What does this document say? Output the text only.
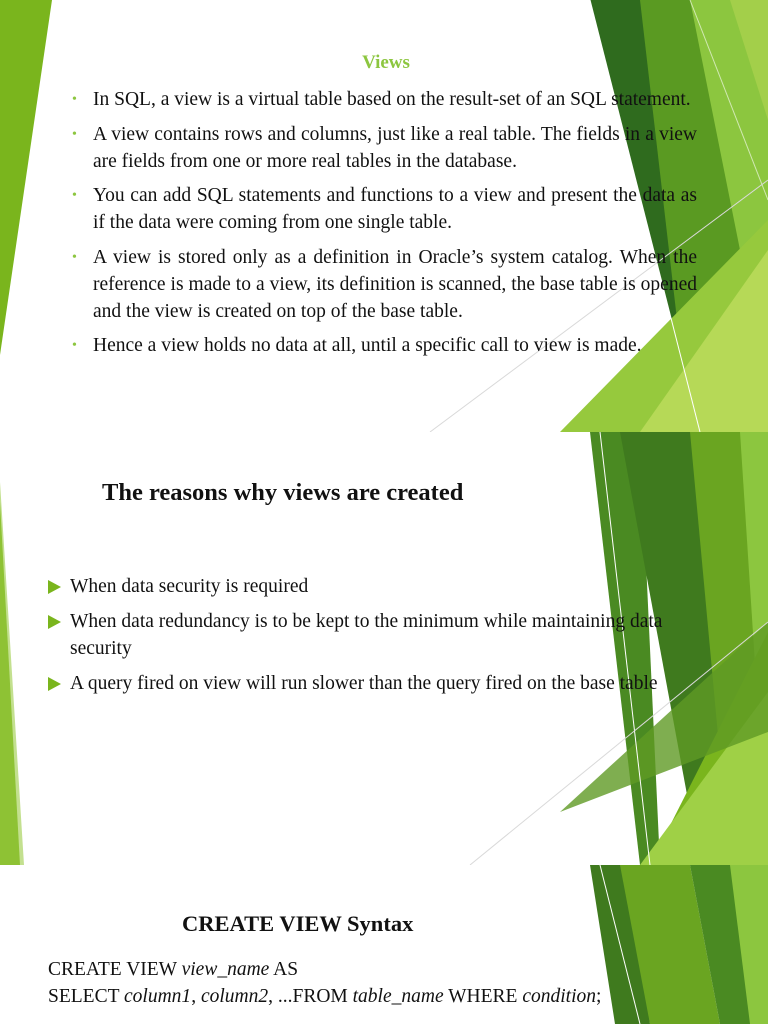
Views
• In SQL, a view is a virtual table based on the result-set of an SQL statement.
• A view contains rows and columns, just like a real table. The fields in a view are fields from one or more real tables in the database.
• You can add SQL statements and functions to a view and present the data as if the data were coming from one single table.
• A view is stored only as a definition in Oracle’s system catalog. When the reference is made to a view, its definition is scanned, the base table is opened and the view is created on top of the base table.
• Hence a view holds no data at all, until a specific call to view is made.
The reasons why views are created
When data security is required
When data redundancy is to be kept to the minimum while maintaining data security
A query fired on view will run slower than the query fired on the base table
CREATE VIEW Syntax
CREATE VIEW view_name AS
SELECT column1, column2, ...FROM table_name WHERE condition;
